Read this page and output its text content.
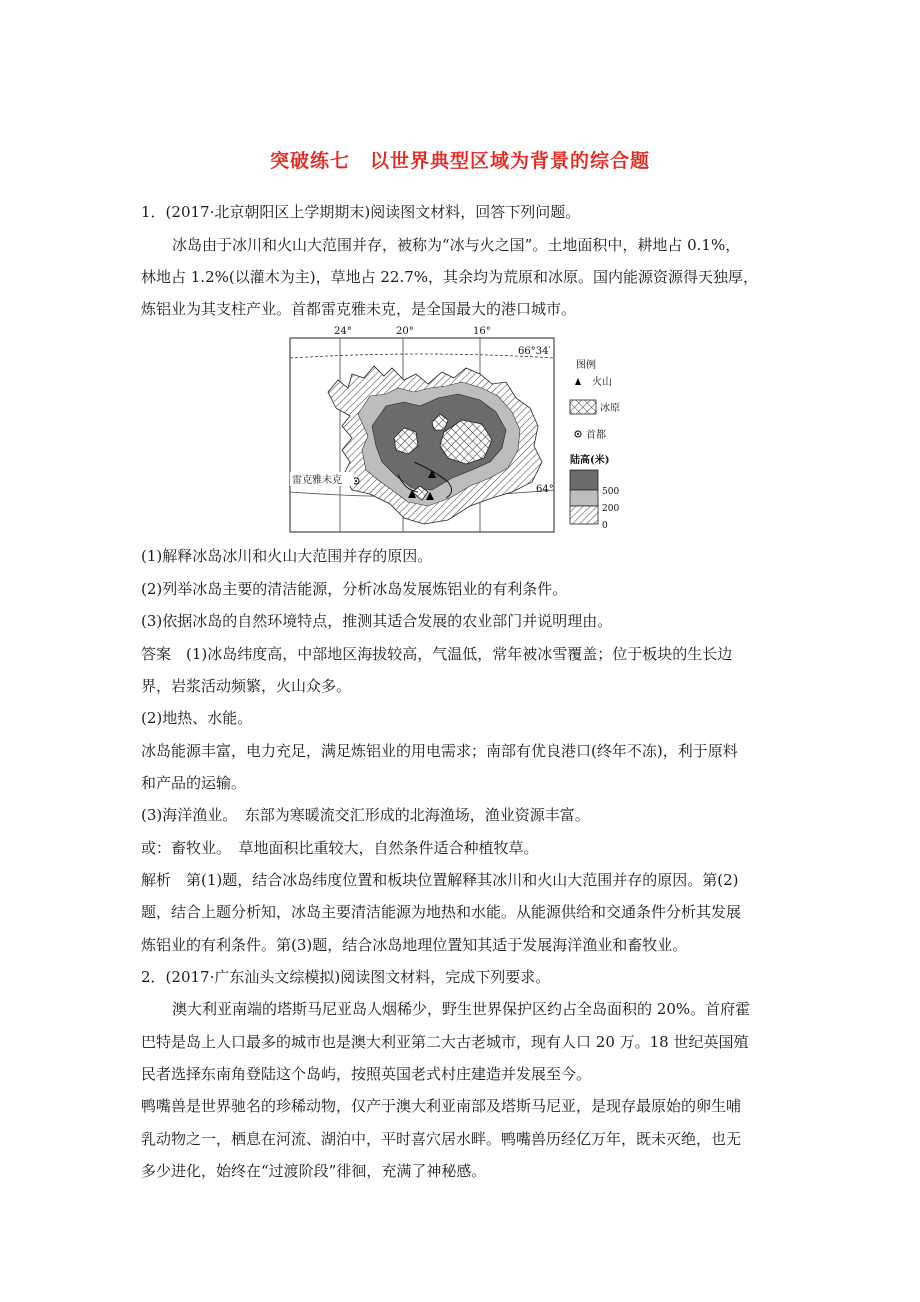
突破练七　以世界典型区域为背景的综合题
1．(2017·北京朝阳区上学期期末)阅读图文材料，回答下列问题。
冰岛由于冰川和火山大范围并存，被称为“冰与火之国”。土地面积中，耕地占 0.1%，
林地占 1.2%(以灌木为主)，草地占 22.7%，其余均为荒原和冰原。国内能源资源得天独厚，
炼铝业为其支柱产业。首都雷克雅未克，是全国最大的港口城市。
24°	20°	16°
66°34′
64°
雷克雅未克
图例
火山
冰原
首都
陆高(米)
500
200
0
(1)解释冰岛冰川和火山大范围并存的原因。
(2)列举冰岛主要的清洁能源，分析冰岛发展炼铝业的有利条件。
(3)依据冰岛的自然环境特点，推测其适合发展的农业部门并说明理由。
答案　(1)冰岛纬度高，中部地区海拔较高，气温低，常年被冰雪覆盖；位于板块的生长边
界，岩浆活动频繁，火山众多。
(2)地热、水能。
冰岛能源丰富，电力充足，满足炼铝业的用电需求；南部有优良港口(终年不冻)，利于原料
和产品的运输。
(3)海洋渔业。　东部为寒暖流交汇形成的北海渔场，渔业资源丰富。
或：畜牧业。　草地面积比重较大，自然条件适合种植牧草。
解析　第(1)题，结合冰岛纬度位置和板块位置解释其冰川和火山大范围并存的原因。第(2)
题，结合上题分析知，冰岛主要清洁能源为地热和水能。从能源供给和交通条件分析其发展
炼铝业的有利条件。第(3)题，结合冰岛地理位置知其适于发展海洋渔业和畜牧业。
2．(2017·广东汕头文综模拟)阅读图文材料，完成下列要求。
澳大利亚南端的塔斯马尼亚岛人烟稀少，野生世界保护区约占全岛面积的 20%。首府霍
巴特是岛上人口最多的城市也是澳大利亚第二大古老城市，现有人口 20 万。18 世纪英国殖
民者选择东南角登陆这个岛屿，按照英国老式村庄建造并发展至今。
鸭嘴兽是世界驰名的珍稀动物，仅产于澳大利亚南部及塔斯马尼亚，是现存最原始的卵生哺
乳动物之一，栖息在河流、湖泊中，平时喜穴居水畔。鸭嘴兽历经亿万年，既未灭绝，也无
多少进化，始终在“过渡阶段”徘徊，充满了神秘感。
